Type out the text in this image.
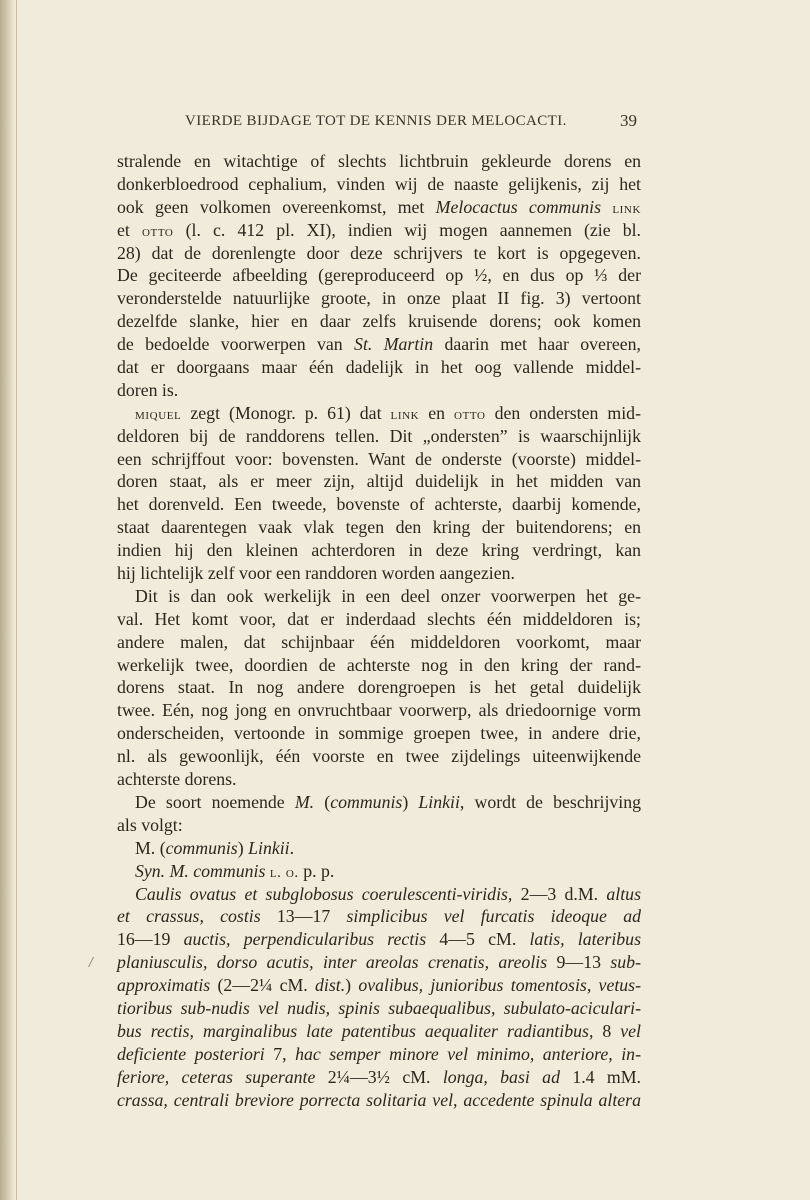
VIERDE BIJDAGE TOT DE KENNIS DER MELOCACTI.	39
stralende en witachtige of slechts lichtbruin gekleurde dorens en
donkerbloedrood cephalium, vinden wij de naaste gelijkenis, zij het
ook geen volkomen overeenkomst, met Melocactus communis link
et otto (l. c. 412 pl. XI), indien wij mogen aannemen (zie bl.
28) dat de dorenlengte door deze schrijvers te kort is opgegeven.
De geciteerde afbeelding (gereproduceerd op ½, en dus op ⅓ der
veronderstelde natuurlijke groote, in onze plaat II fig. 3) vertoont
dezelfde slanke, hier en daar zelfs kruisende dorens; ook komen
de bedoelde voorwerpen van St. Martin daarin met haar overeen,
dat er doorgaans maar één dadelijk in het oog vallende middel-
doren is.
miquel zegt (Monogr. p. 61) dat link en otto den ondersten mid-
deldoren bij de randdorens tellen. Dit „ondersten” is waarschijnlijk
een schrijffout voor: bovensten. Want de onderste (voorste) middel-
doren staat, als er meer zijn, altijd duidelijk in het midden van
het dorenveld. Een tweede, bovenste of achterste, daarbij komende,
staat daarentegen vaak vlak tegen den kring der buitendorens; en
indien hij den kleinen achterdoren in deze kring verdringt, kan
hij lichtelijk zelf voor een randdoren worden aangezien.
Dit is dan ook werkelijk in een deel onzer voorwerpen het ge-
val. Het komt voor, dat er inderdaad slechts één middeldoren is;
andere malen, dat schijnbaar één middeldoren voorkomt, maar
werkelijk twee, doordien de achterste nog in den kring der rand-
dorens staat. In nog andere dorengroepen is het getal duidelijk
twee. Eén, nog jong en onvruchtbaar voorwerp, als driedoornige vorm
onderscheiden, vertoonde in sommige groepen twee, in andere drie,
nl. als gewoonlijk, één voorste en twee zijdelings uiteenwijkende
achterste dorens.
De soort noemende M. (communis) Linkii, wordt de beschrijving
als volgt:
M. (communis) Linkii.
Syn. M. communis l. o. p. p.
Caulis ovatus et subglobosus coerulescenti-viridis, 2—3 d.M. altus
et crassus, costis 13—17 simplicibus vel furcatis ideoque ad
16—19 auctis, perpendicularibus rectis 4—5 cM. latis, lateribus
planiusculis, dorso acutis, inter areolas crenatis, areolis 9—13 sub-
approximatis (2—2¼ cM. dist.) ovalibus, junioribus tomentosis, vetus-
tioribus sub-nudis vel nudis, spinis subaequalibus, subulato-aciculari-
bus rectis, marginalibus late patentibus aequaliter radiantibus, 8 vel
deficiente posteriori 7, hac semper minore vel minimo, anteriore, in-
feriore, ceteras superante 2¼—3½ cM. longa, basi ad 1.4 mM.
crassa, centrali breviore porrecta solitaria vel, accedente spinula altera
/
